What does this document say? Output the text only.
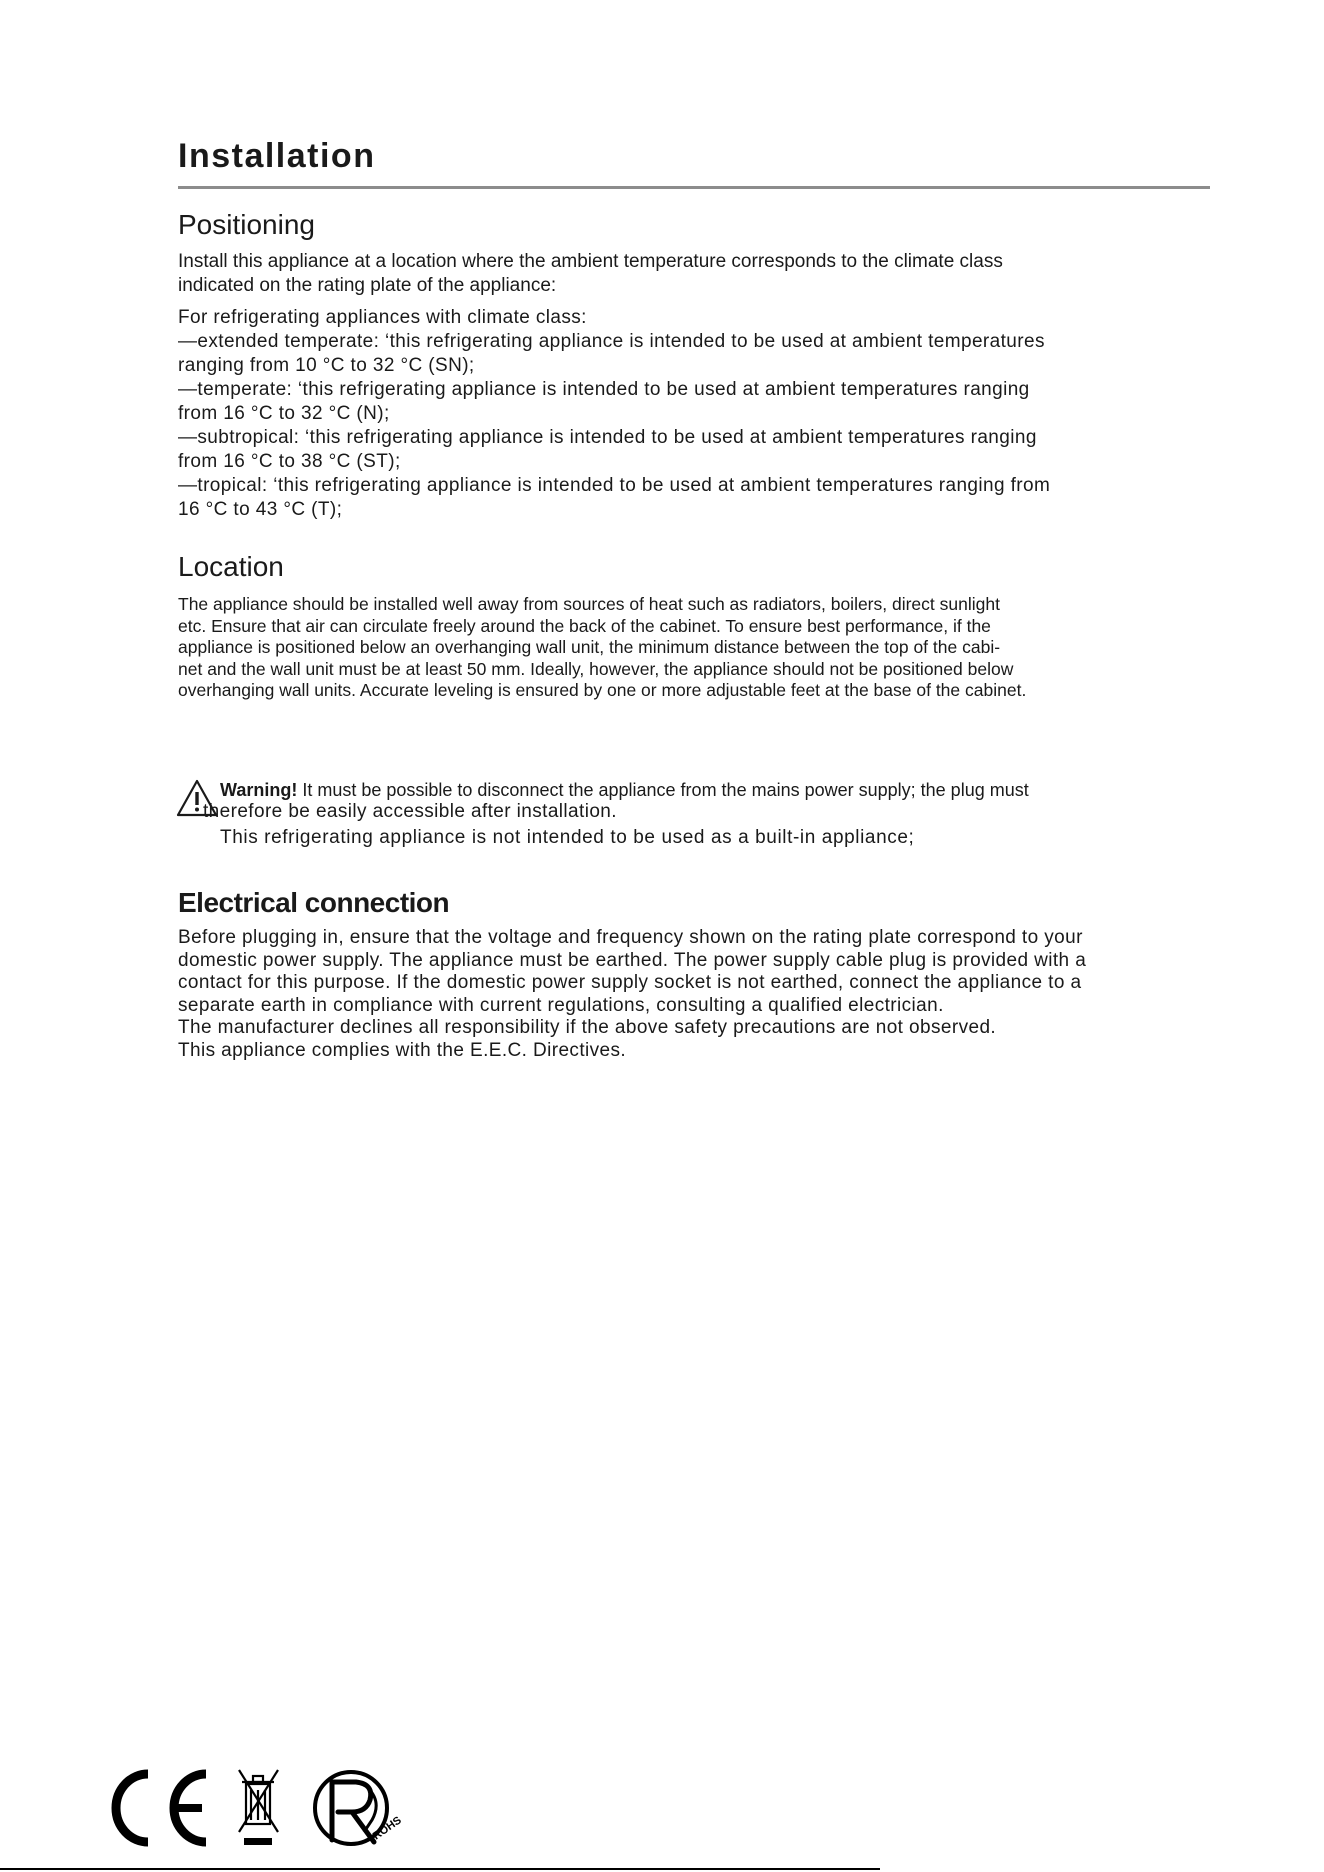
Installation
Positioning
Install this appliance at a location where the ambient temperature corresponds to the climate class
indicated on the rating plate of the appliance:
For refrigerating appliances with climate class:
—extended temperate: ‘this refrigerating appliance is intended to be used at ambient temperatures
ranging from 10 °C to 32 °C (SN);
—temperate: ‘this refrigerating appliance is intended to be used at ambient temperatures ranging
from 16 °C to 32 °C (N);
—subtropical: ‘this refrigerating appliance is intended to be used at ambient temperatures ranging
from 16 °C to 38 °C (ST);
—tropical: ‘this refrigerating appliance is intended to be used at ambient temperatures ranging from
16 °C to 43 °C (T);
Location
The appliance should be installed well away from sources of heat such as radiators, boilers, direct sunlight
etc. Ensure that air can circulate freely around the back of the cabinet. To ensure best performance, if the
appliance is positioned below an overhanging wall unit, the minimum distance between the top of the cabi-
net and the wall unit must be at least 50 mm. Ideally, however, the appliance should not be positioned below
overhanging wall units. Accurate leveling is ensured by one or more adjustable feet at the base of the cabinet.
Warning! It must be possible to disconnect the appliance from the mains power supply; the plug must
therefore be easily accessible after installation.
This refrigerating appliance is not intended to be used as a built-in appliance;
Electrical connection
Before plugging in, ensure that the voltage and frequency shown on the rating plate correspond to your
domestic power supply. The appliance must be earthed. The power supply cable plug is provided with a
contact for this purpose. If the domestic power supply socket is not earthed, connect the appliance to a
separate earth in compliance with current regulations, consulting a qualified electrician.
The manufacturer declines all responsibility if the above safety precautions are not observed.
This appliance complies with the E.E.C. Directives.
ROHS
